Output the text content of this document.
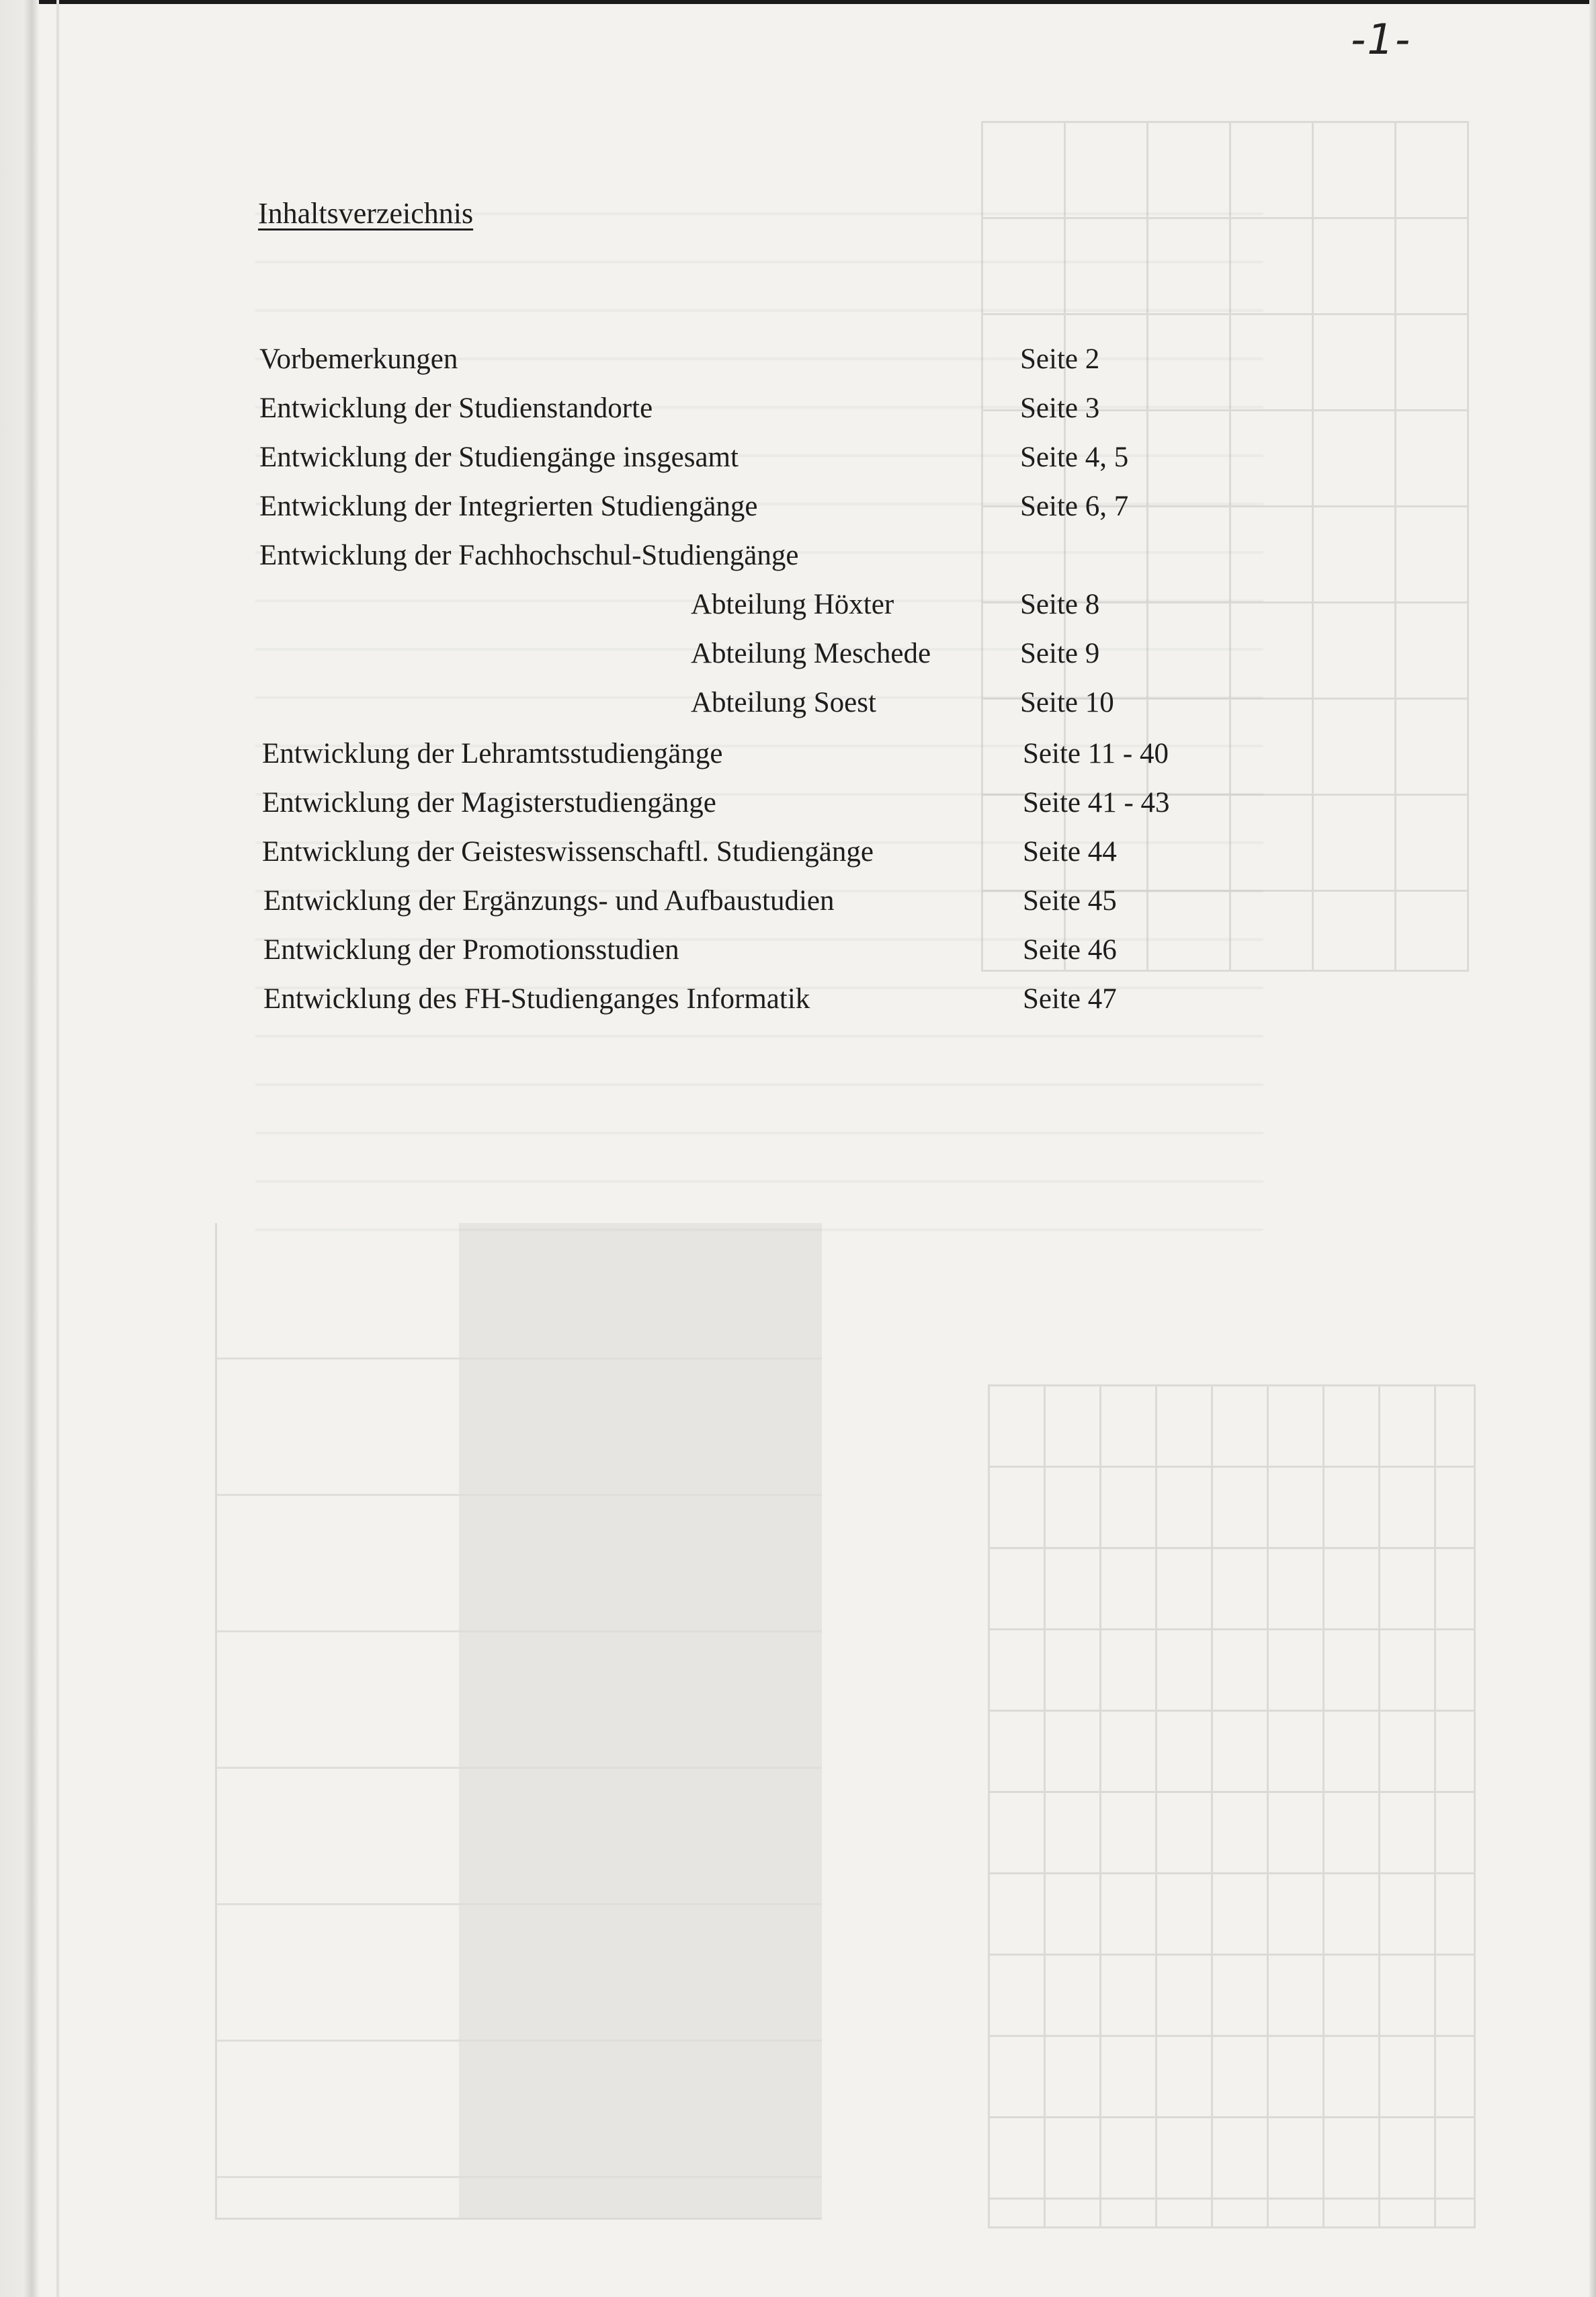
-1-
Inhaltsverzeichnis
Vorbemerkungen	Seite 2
Entwicklung der Studienstandorte	Seite 3
Entwicklung der Studiengänge insgesamt	Seite 4, 5
Entwicklung der Integrierten Studiengänge	Seite 6, 7
Entwicklung der Fachhochschul-Studiengänge
Abteilung Höxter	Seite 8
Abteilung Meschede	Seite 9
Abteilung Soest	Seite 10
Entwicklung der Lehramtsstudiengänge	Seite 11 - 40
Entwicklung der Magisterstudiengänge	Seite 41 - 43
Entwicklung der Geisteswissenschaftl. Studiengänge	Seite 44
Entwicklung der Ergänzungs- und Aufbaustudien	Seite 45
Entwicklung der Promotionsstudien	Seite 46
Entwicklung des FH-Studienganges Informatik	Seite 47
